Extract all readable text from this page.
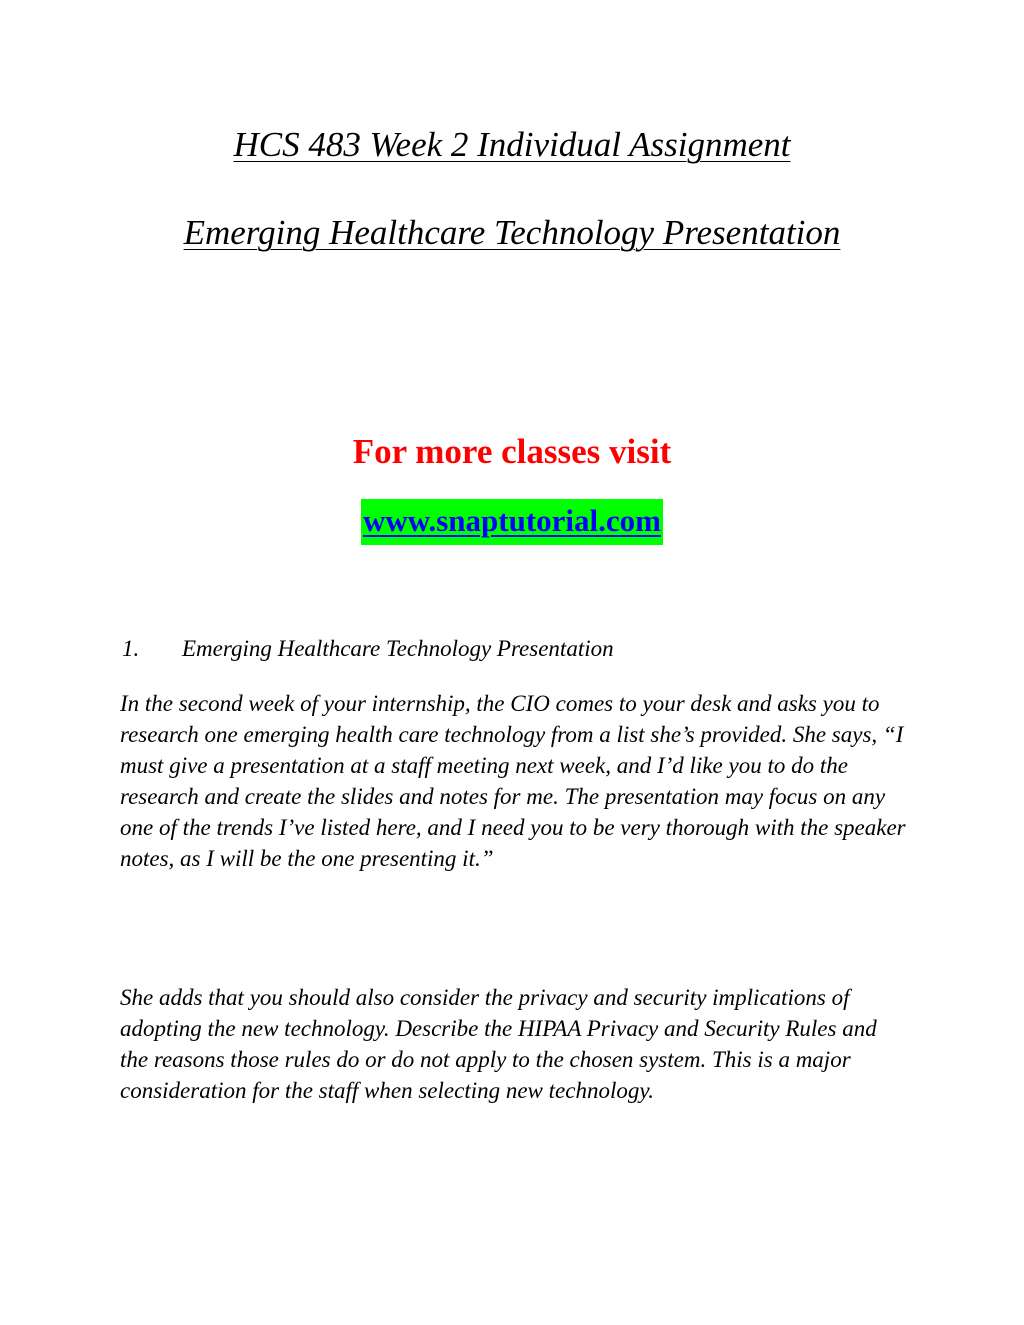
HCS 483 Week 2 Individual Assignment
Emerging Healthcare Technology Presentation
For more classes visit
www.snaptutorial.com
1. Emerging Healthcare Technology Presentation

In the second week of your internship, the CIO comes to your desk and asks you to research one emerging health care technology from a list she’s provided. She says, “I must give a presentation at a staff meeting next week, and I’d like you to do the research and create the slides and notes for me. The presentation may focus on any one of the trends I’ve listed here, and I need you to be very thorough with the speaker notes, as I will be the one presenting it.”

She adds that you should also consider the privacy and security implications of adopting the new technology. Describe the HIPAA Privacy and Security Rules and the reasons those rules do or do not apply to the chosen system. This is a major consideration for the staff when selecting new technology.
